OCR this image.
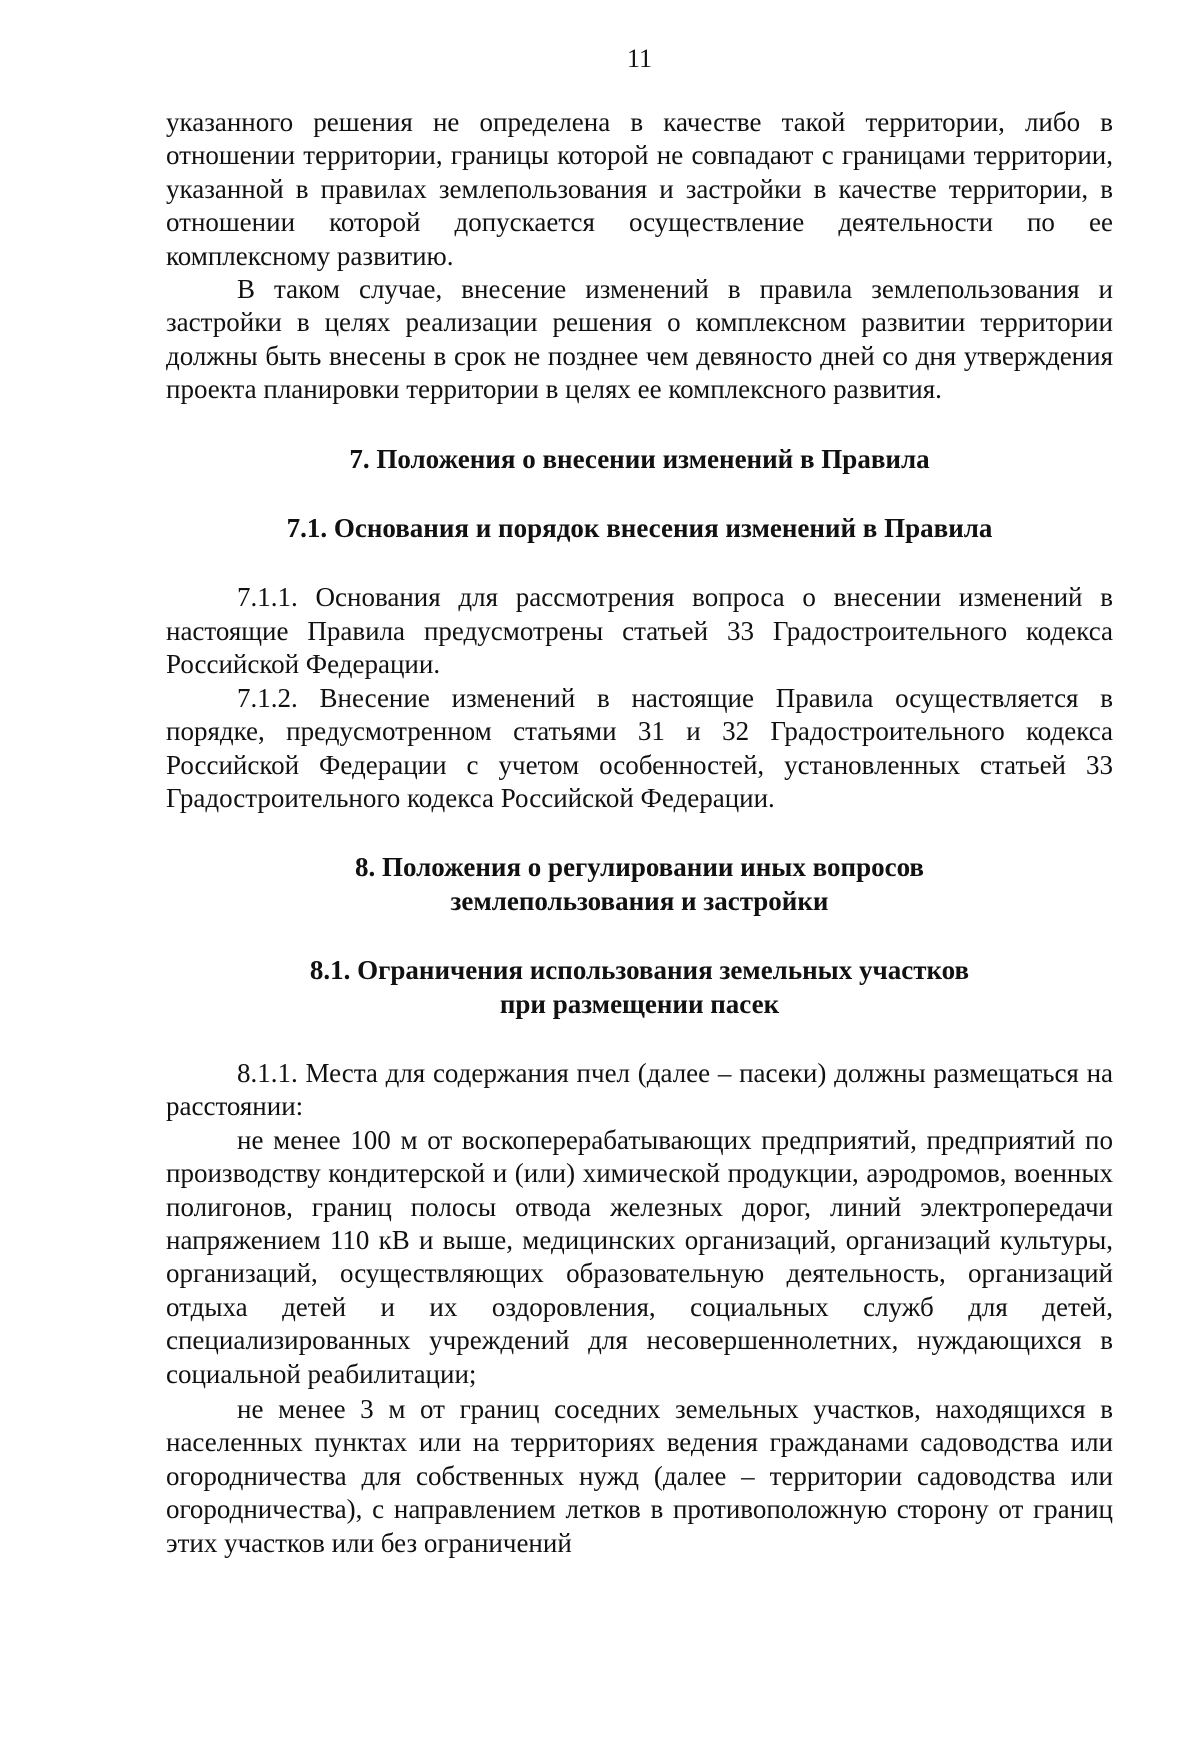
11

указанного решения не определена в качестве такой территории, либо в отношении территории, границы которой не совпадают с границами территории, указанной в правилах землепользования и застройки в качестве территории, в отношении которой допускается осуществление деятельности по ее комплексному развитию.

В таком случае, внесение изменений в правила землепользования и застройки в целях реализации решения о комплексном развитии территории должны быть внесены в срок не позднее чем девяносто дней со дня утверждения проекта планировки территории в целях ее комплексного развития.

7. Положения о внесении изменений в Правила
7.1. Основания и порядок внесения изменений в Правила

7.1.1. Основания для рассмотрения вопроса о внесении изменений в настоящие Правила предусмотрены статьей 33 Градостроительного кодекса Российской Федерации.

7.1.2. Внесение изменений в настоящие Правила осуществляется в порядке, предусмотренном статьями 31 и 32 Градостроительного кодекса Российской Федерации с учетом особенностей, установленных статьей 33 Градостроительного кодекса Российской Федерации.

8. Положения о регулировании иных вопросов
землепользования и застройки
8.1. Ограничения использования земельных участков
при размещении пасек

8.1.1. Места для содержания пчел (далее – пасеки) должны размещаться на расстоянии:

не менее 100 м от воскоперерабатывающих предприятий, предприятий по производству кондитерской и (или) химической продукции, аэродромов, военных полигонов, границ полосы отвода железных дорог, линий электропередачи напряжением 110 кВ и выше, медицинских организаций, организаций культуры, организаций, осуществляющих образовательную деятельность, организаций отдыха детей и их оздоровления, социальных служб для детей, специализированных учреждений для несовершеннолетних, нуждающихся в социальной реабилитации;

не менее 3 м от границ соседних земельных участков, находящихся в населенных пунктах или на территориях ведения гражданами садоводства или огородничества для собственных нужд (далее – территории садоводства или огородничества), с направлением летков в противоположную сторону от границ этих участков или без ограничений
